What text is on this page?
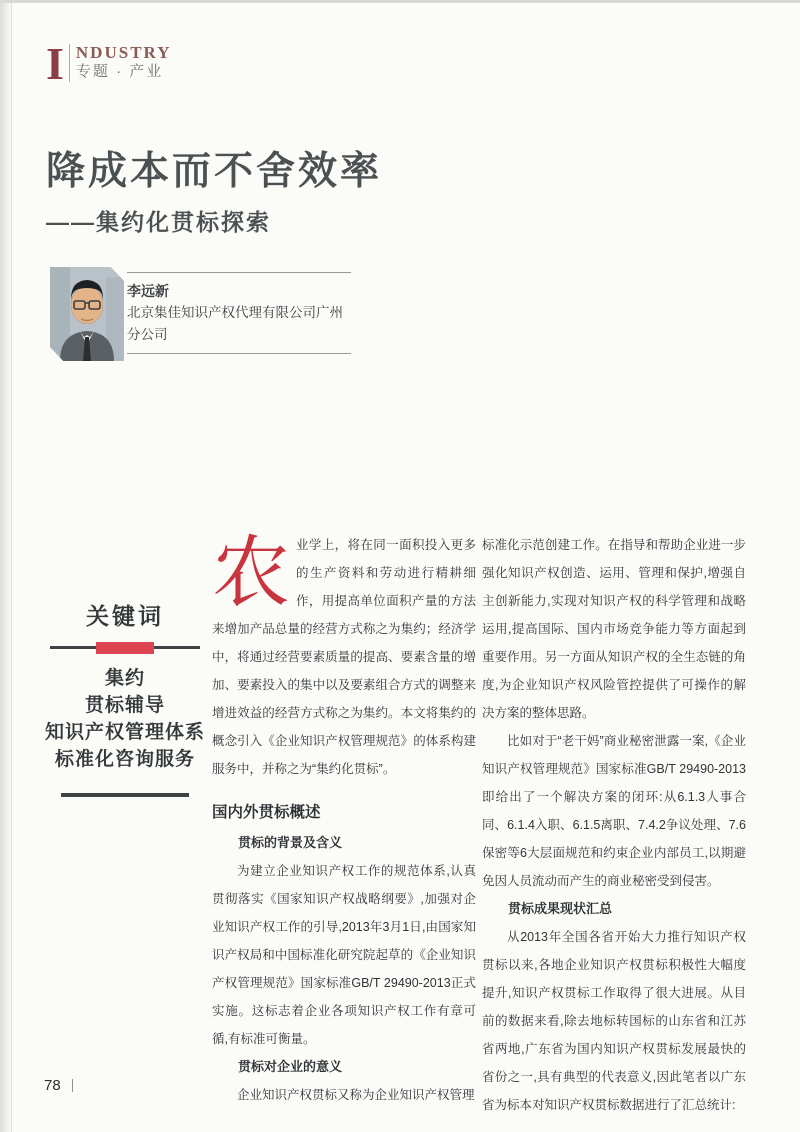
I NDUSTRY
专题 · 产业
降成本而不舍效率
——集约化贯标探索
李远新
北京集佳知识产权代理有限公司广州分公司
关键词
集约
贯标辅导
知识产权管理体系
标准化咨询服务

农业学上，将在同一面积投入更多的生产资料和劳动进行精耕细作，用提高单位面积产量的方法来增加产品总量的经营方式称之为集约；经济学中，将通过经营要素质量的提高、要素含量的增加、要素投入的集中以及要素组合方式的调整来增进效益的经营方式称之为集约。本文将集约的概念引入《企业知识产权管理规范》的体系构建服务中，并称之为“集约化贯标”。

国内外贯标概述
贯标的背景及含义

为建立企业知识产权工作的规范体系,认真贯彻落实《国家知识产权战略纲要》,加强对企业知识产权工作的引导,2013年3月1日,由国家知识产权局和中国标准化研究院起草的《企业知识产权管理规范》国家标准GB/T 29490-2013正式实施。这标志着企业各项知识产权工作有章可循,有标准可衡量。

贯标对企业的意义

企业知识产权贯标又称为企业知识产权管理

标准化示范创建工作。在指导和帮助企业进一步强化知识产权创造、运用、管理和保护,增强自主创新能力,实现对知识产权的科学管理和战略运用,提高国际、国内市场竞争能力等方面起到重要作用。另一方面从知识产权的全生态链的角度,为企业知识产权风险管控提供了可操作的解决方案的整体思路。

比如对于“老干妈”商业秘密泄露一案,《企业知识产权管理规范》国家标准GB/T 29490-2013即给出了一个解决方案的闭环:从6.1.3人事合同、6.1.4入职、6.1.5离职、7.4.2争议处理、7.6保密等6大层面规范和约束企业内部员工,以期避免因人员流动而产生的商业秘密受到侵害。

贯标成果现状汇总

从2013年全国各省开始大力推行知识产权贯标以来,各地企业知识产权贯标积极性大幅度提升,知识产权贯标工作取得了很大进展。从目前的数据来看,除去地标转国标的山东省和江苏省两地,广东省为国内知识产权贯标发展最快的省份之一,具有典型的代表意义,因此笔者以广东省为标本对知识产权贯标数据进行了汇总统计:

78
